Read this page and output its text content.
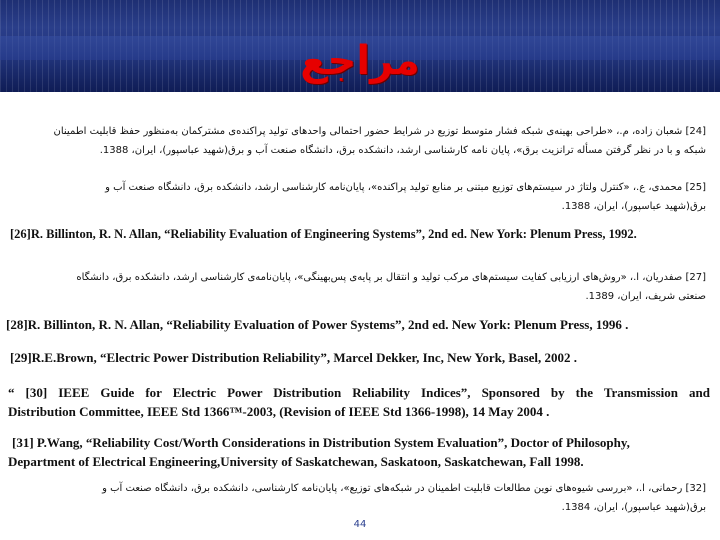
مراجع
[24] شعبان زاده، م.، «طراحی بهینه‌ی شبکه فشار متوسط توزیع در شرایط حضور احتمالی واحدهای تولید پراکنده‌ی مشترکمان به‌منظور حفظ قابلیت اطمینان
شبکه و با در نظر گرفتن مسأله ترانزیت برق»، پایان نامه کارشناسی ارشد، دانشکده برق، دانشگاه صنعت آب و برق(شهید عباسپور)، ایران، 1388.
[25] محمدی، ع.، «کنترل ولتاژ در سیستم‌های توزیع مبتنی بر منابع تولید پراکنده»، پایان‌نامه کارشناسی ارشد، دانشکده برق، دانشگاه صنعت آب و
برق(شهید عباسپور)، ایران، 1388.
[26]R. Billinton, R. N. Allan, “Reliability Evaluation of Engineering Systems”, 2nd ed. New York: Plenum Press, 1992.
[27] صفدریان، ا.، «روش‌های ارزیابی کفایت سیستم‌های مرکب تولید و انتقال بر پایه‌ی پس‌بهینگی»، پایان‌نامه‌ی کارشناسی ارشد، دانشکده برق، دانشگاه
صنعتی شریف، ایران، 1389.
[28]R. Billinton, R. N. Allan, “Reliability Evaluation of Power Systems”, 2nd ed. New York: Plenum Press, 1996 .
[29]R.E.Brown, “Electric Power Distribution Reliability”, Marcel Dekker, Inc, New York, Basel, 2002 .
“ [30] IEEE Guide for Electric Power Distribution Reliability Indices”, Sponsored by the Transmission and
Distribution Committee, IEEE Std 1366™-2003, (Revision of IEEE Std 1366-1998), 14 May 2004 .
[31] P.Wang, “Reliability Cost/Worth Considerations in Distribution System Evaluation”, Doctor of Philosophy,
Department of Electrical Engineering,University of Saskatchewan, Saskatoon, Saskatchewan, Fall 1998.
[32] رحمانی، ا.، «بررسی شیوه‌های نوین مطالعات قابلیت اطمینان در شبکه‌های توزیع»، پایان‌نامه کارشناسی، دانشکده برق، دانشگاه صنعت آب و
برق(شهید عباسپور)، ایران، 1384.
44
